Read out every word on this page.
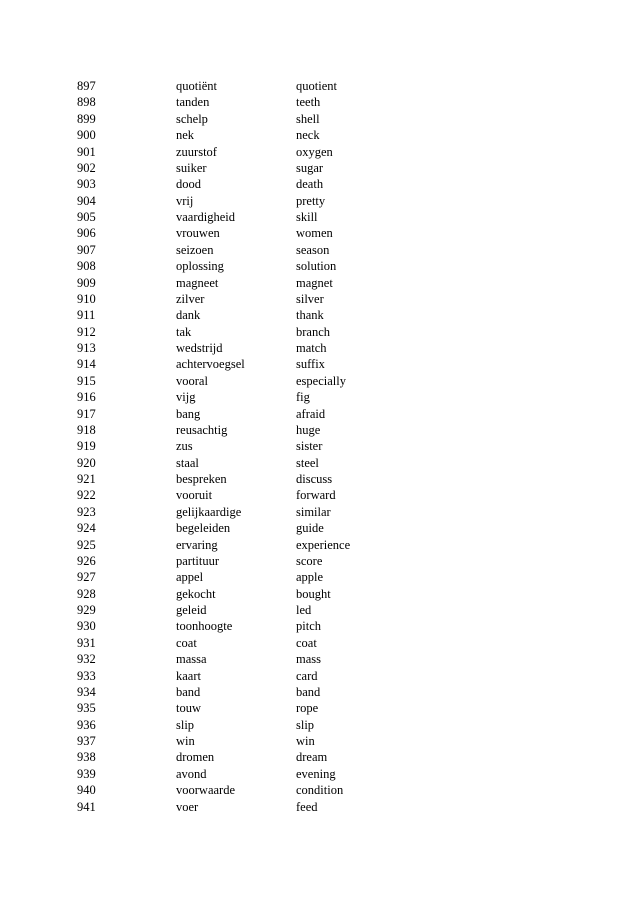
897	quotiënt	quotient
898	tanden	teeth
899	schelp	shell
900	nek	neck
901	zuurstof	oxygen
902	suiker	sugar
903	dood	death
904	vrij	pretty
905	vaardigheid	skill
906	vrouwen	women
907	seizoen	season
908	oplossing	solution
909	magneet	magnet
910	zilver	silver
911	dank	thank
912	tak	branch
913	wedstrijd	match
914	achtervoegsel	suffix
915	vooral	especially
916	vijg	fig
917	bang	afraid
918	reusachtig	huge
919	zus	sister
920	staal	steel
921	bespreken	discuss
922	vooruit	forward
923	gelijkaardige	similar
924	begeleiden	guide
925	ervaring	experience
926	partituur	score
927	appel	apple
928	gekocht	bought
929	geleid	led
930	toonhoogte	pitch
931	coat	coat
932	massa	mass
933	kaart	card
934	band	band
935	touw	rope
936	slip	slip
937	win	win
938	dromen	dream
939	avond	evening
940	voorwaarde	condition
941	voer	feed
